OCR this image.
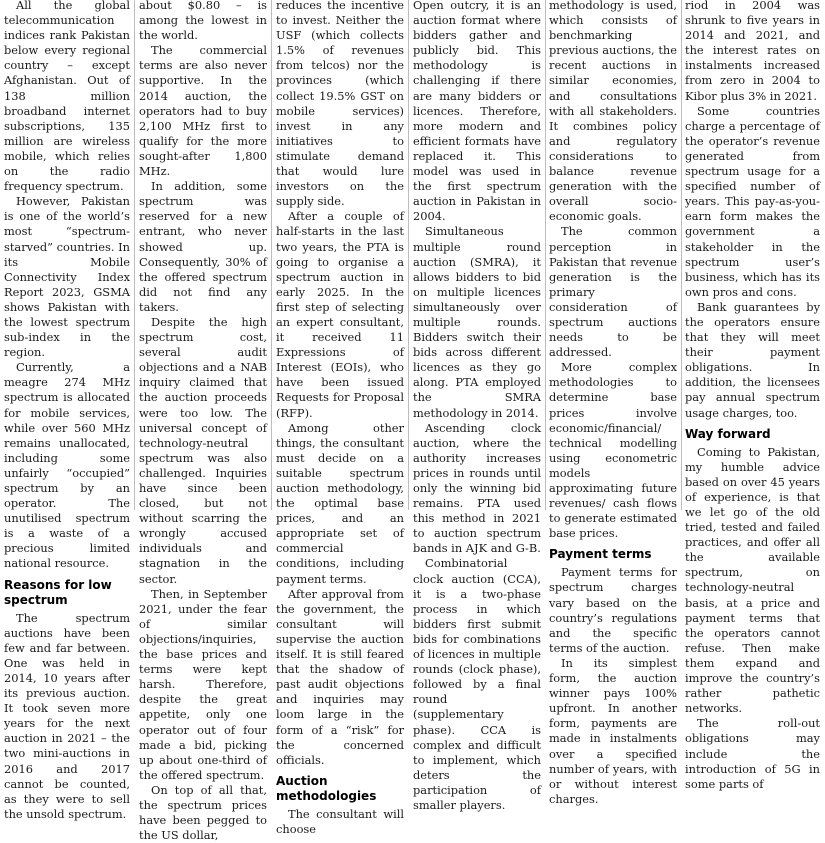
All the global telecommunication indices rank Pakistan below every regional country – except Afghanistan. Out of 138 million broadband internet subscriptions, 135 million are wireless mobile, which relies on the radio frequency spectrum.

However, Pakistan is one of the world’s most “spectrum-starved” countries. In its Mobile Connectivity Index Report 2023, GSMA shows Pakistan with the lowest spectrum sub-index in the region.

Currently, a meagre 274 MHz spectrum is allocated for mobile services, while over 560 MHz remains unallocated, including some unfairly “occupied” spectrum by an operator. The unutilised spectrum is a waste of a precious limited national resource.

Reasons for low spectrum

The spectrum auctions have been few and far between. One was held in 2014, 10 years after its previous auction. It took seven more years for the next auction in 2021 – the two mini-auctions in 2016 and 2017 cannot be counted, as they were to sell the unsold spectrum.

about $0.80 – is among the lowest in the world.

The commercial terms are also never supportive. In the 2014 auction, the operators had to buy 2,100 MHz first to qualify for the more sought-after 1,800 MHz.

In addition, some spectrum was reserved for a new entrant, who never showed up. Consequently, 30% of the offered spectrum did not find any takers.

Despite the high spectrum cost, several audit objections and a NAB inquiry claimed that the auction proceeds were too low. The universal concept of technology-neutral spectrum was also challenged. Inquiries have since been closed, but not without scarring the wrongly accused individuals and stagnation in the sector.

Then, in September 2021, under the fear of similar objections/inquiries, the base prices and terms were kept harsh. Therefore, despite the great appetite, only one operator out of four made a bid, picking up about one-third of the offered spectrum.

On top of all that, the spectrum prices have been pegged to the US dollar,

reduces the incentive to invest. Neither the USF (which collects 1.5% of revenues from telcos) nor the provinces (which collect 19.5% GST on mobile services) invest in any initiatives to stimulate demand that would lure investors on the supply side.

After a couple of half-starts in the last two years, the PTA is going to organise a spectrum auction in early 2025. In the first step of selecting an expert consultant, it received 11 Expressions of Interest (EOIs), who have been issued Requests for Proposal (RFP).

Among other things, the consultant must decide on a suitable spectrum auction methodology, the optimal base prices, and an appropriate set of commercial conditions, including payment terms.

After approval from the government, the consultant will supervise the auction itself. It is still feared that the shadow of past audit objections and inquiries may loom large in the form of a “risk” for the concerned officials.

Auction methodologies

The consultant will choose

Open outcry, it is an auction format where bidders gather and publicly bid. This methodology is challenging if there are many bidders or licences. Therefore, more modern and efficient formats have replaced it. This model was used in the first spectrum auction in Pakistan in 2004.

Simultaneous multiple round auction (SMRA), it allows bidders to bid on multiple licences simultaneously over multiple rounds. Bidders switch their bids across different licences as they go along. PTA employed the SMRA methodology in 2014.

Ascending clock auction, where the authority increases prices in rounds until only the winning bid remains. PTA used this method in 2021 to auction spectrum bands in AJK and G-B.

Combinatorial clock auction (CCA), it is a two-phase process in which bidders first submit bids for combinations of licences in multiple rounds (clock phase), followed by a final round (supplementary phase). CCA is complex and difficult to implement, which deters the participation of smaller players.

methodology is used, which consists of benchmarking previous auctions, the recent auctions in similar economies, and consultations with all stakeholders. It combines policy and regulatory considerations to balance revenue generation with the overall socio-economic goals.

The common perception in Pakistan that revenue generation is the primary consideration of spectrum auctions needs to be addressed.

More complex methodologies to determine base prices involve economic/financial/ technical modelling using econometric models approximating future revenues/ cash flows to generate estimated base prices.

Payment terms

Payment terms for spectrum charges vary based on the country’s regulations and the specific terms of the auction.

In its simplest form, the auction winner pays 100% upfront. In another form, payments are made in instalments over a specified number of years, with or without interest charges.

riod in 2004 was shrunk to five years in 2014 and 2021, and the interest rates on instalments increased from zero in 2004 to Kibor plus 3% in 2021.

Some countries charge a percentage of the operator’s revenue generated from spectrum usage for a specified number of years. This pay-as-you-earn form makes the government a stakeholder in the spectrum user’s business, which has its own pros and cons.

Bank guarantees by the operators ensure that they will meet their payment obligations. In addition, the licensees pay annual spectrum usage charges, too.

Way forward

Coming to Pakistan, my humble advice based on over 45 years of experience, is that we let go of the old tried, tested and failed practices, and offer all the available spectrum, on technology-neutral basis, at a price and payment terms that the operators cannot refuse. Then make them expand and improve the country’s rather pathetic networks.

The roll-out obligations may include the introduction of 5G in some parts of
